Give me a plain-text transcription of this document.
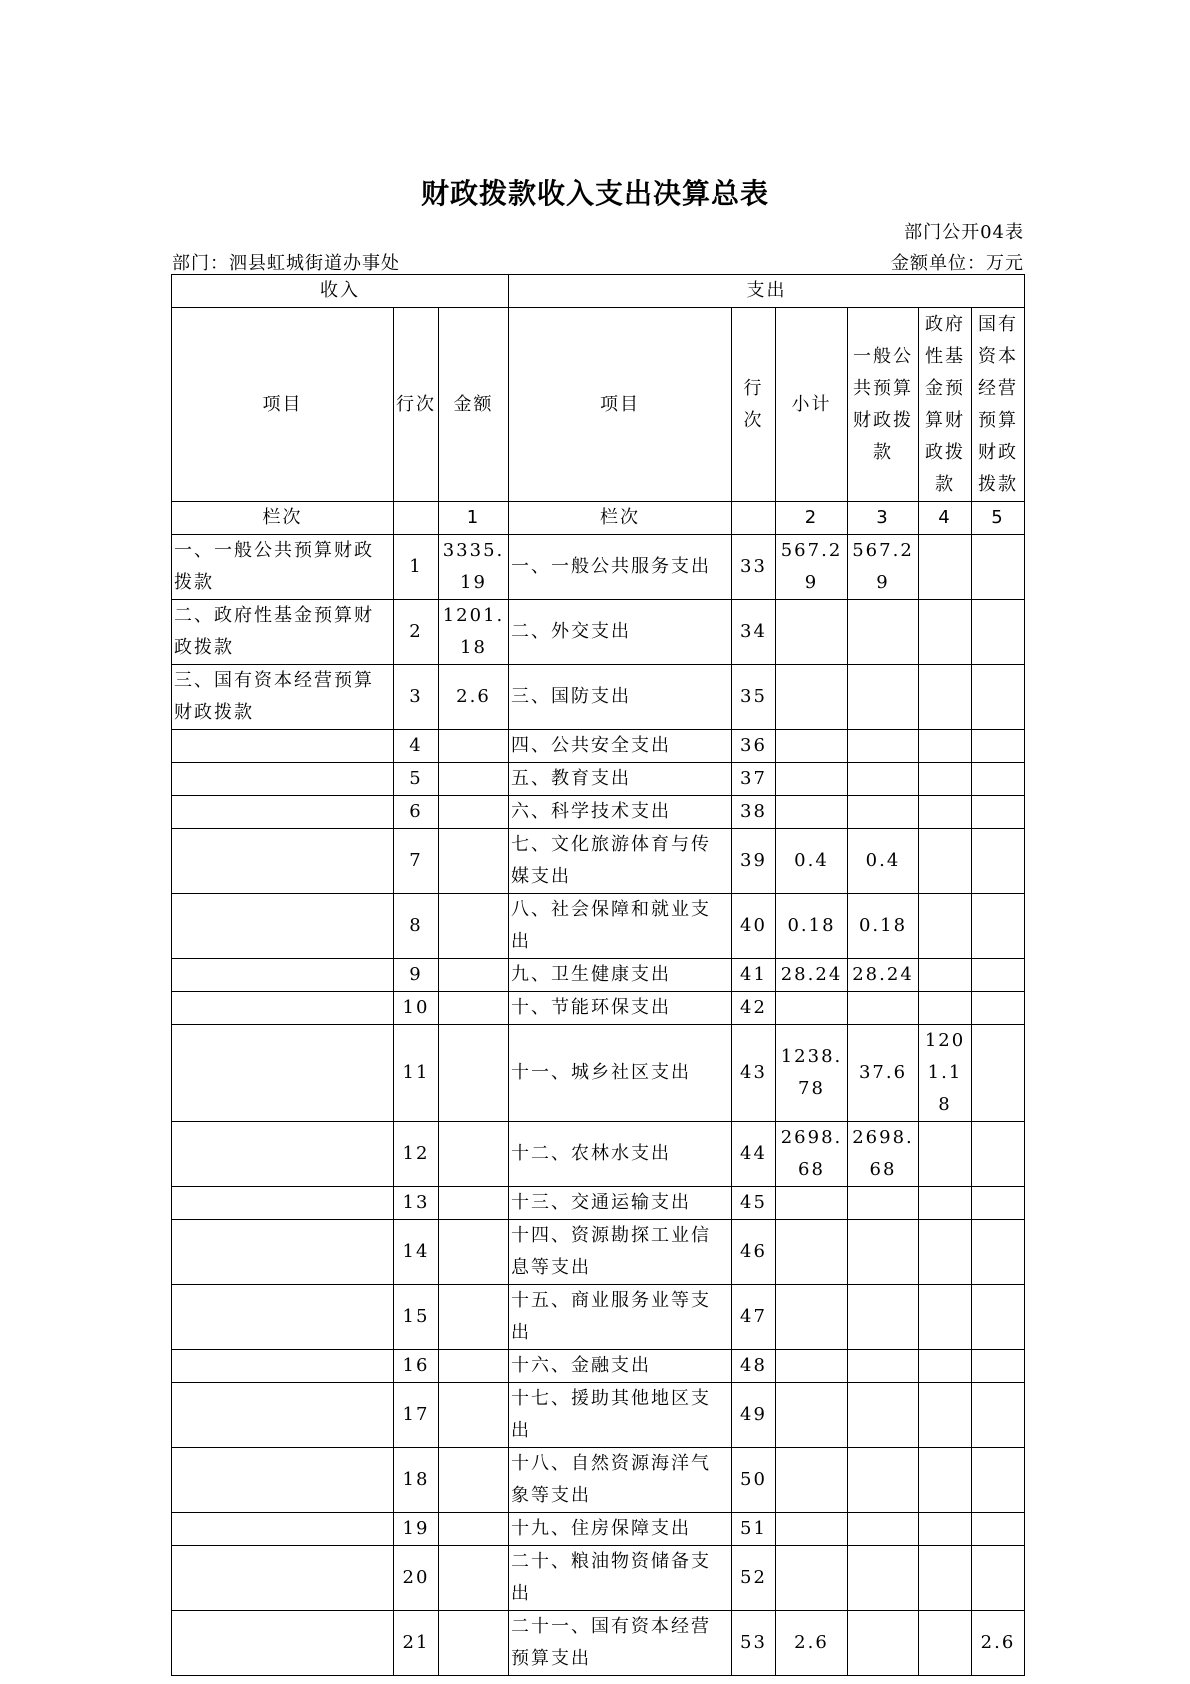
财政拨款收入支出决算总表
部门公开04表
部门：泗县虹城街道办事处	金额单位：万元
收入			支出					
项目	行次	金额	项目	行次	小计	一般公共预算财政拨款	政府性基金预算财政拨款	国有资本经营预算财政拨款
栏次		1	栏次		2	3	4	5
一、一般公共预算财政拨款	1	3335.19	一、一般公共服务支出	33	567.29	567.29		
二、政府性基金预算财政拨款	2	1201.18	二、外交支出	34				
三、国有资本经营预算财政拨款	3	2.6	三、国防支出	35				
	4		四、公共安全支出	36				
	5		五、教育支出	37				
	6		六、科学技术支出	38				
	7		七、文化旅游体育与传媒支出	39	0.4	0.4		
	8		八、社会保障和就业支出	40	0.18	0.18		
	9		九、卫生健康支出	41	28.24	28.24		
	10		十、节能环保支出	42				
	11		十一、城乡社区支出	43	1238.78	37.6	1201.18	
	12		十二、农林水支出	44	2698.68	2698.68		
	13		十三、交通运输支出	45				
	14		十四、资源勘探工业信息等支出	46				
	15		十五、商业服务业等支出	47				
	16		十六、金融支出	48				
	17		十七、援助其他地区支出	49				
	18		十八、自然资源海洋气象等支出	50				
	19		十九、住房保障支出	51				
	20		二十、粮油物资储备支出	52				
	21		二十一、国有资本经营预算支出	53	2.6			2.6
